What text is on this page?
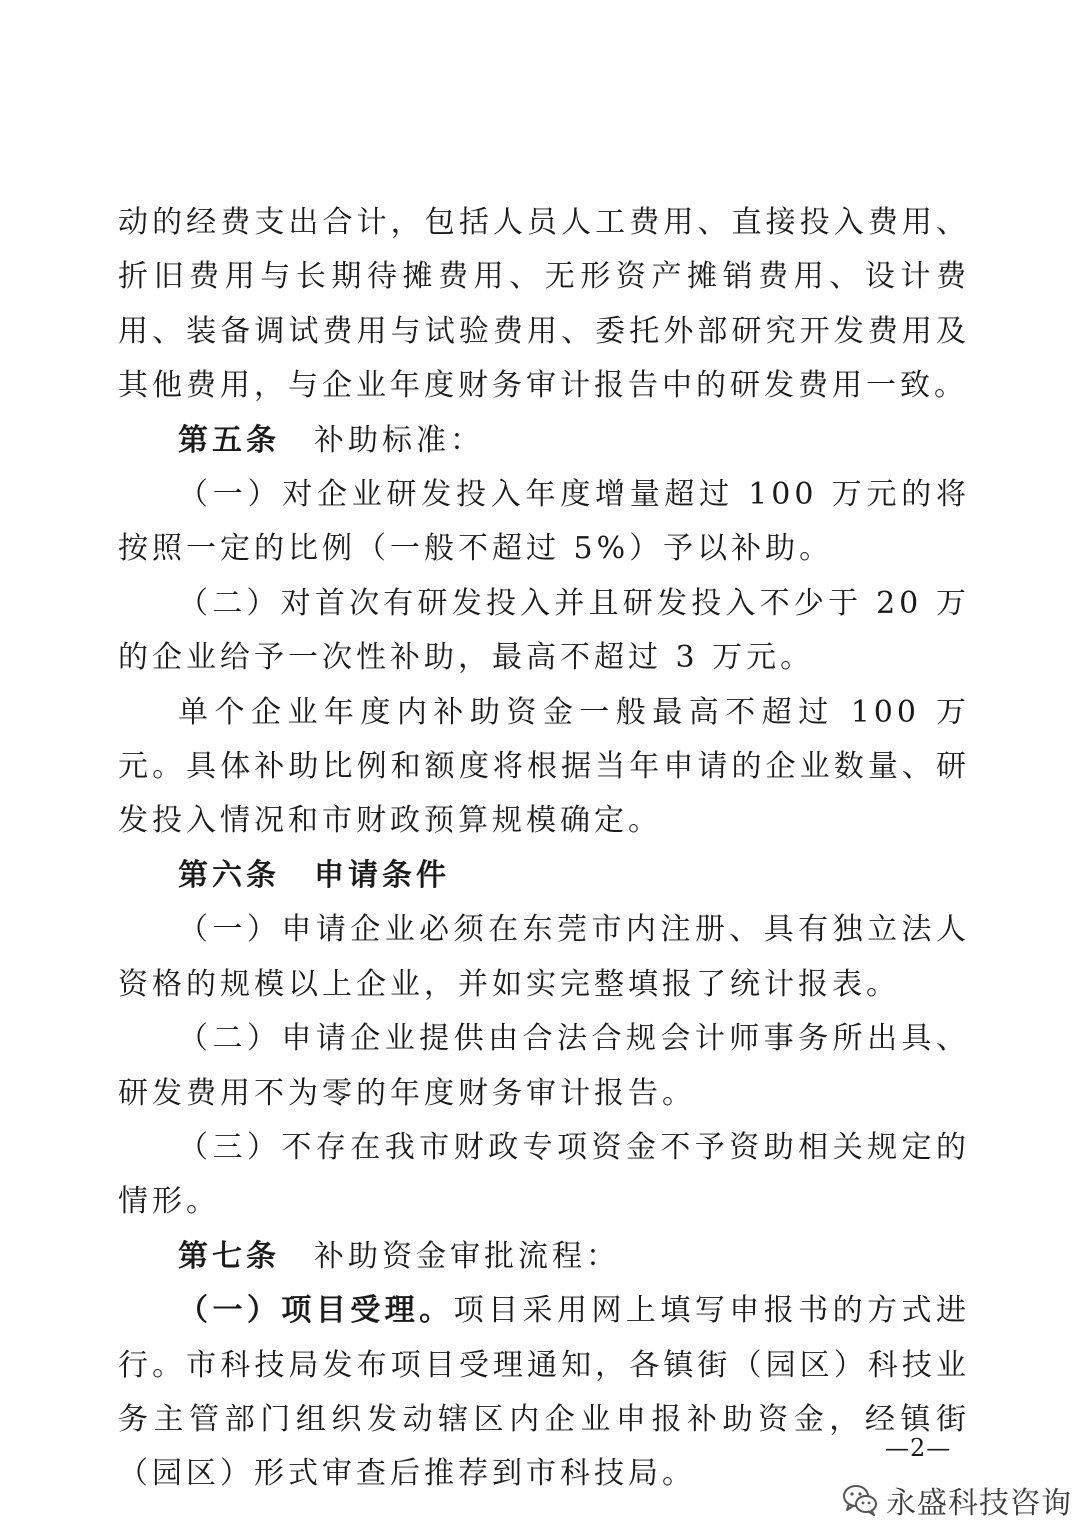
动的经费支出合计，包括人员人工费用、直接投入费用、折旧费用与长期待摊费用、无形资产摊销费用、设计费用、装备调试费用与试验费用、委托外部研究开发费用及其他费用，与企业年度财务审计报告中的研发费用一致。

第五条　补助标准：

（一）对企业研发投入年度增量超过 100 万元的将按照一定的比例（一般不超过 5%）予以补助。

（二）对首次有研发投入并且研发投入不少于 20 万的企业给予一次性补助，最高不超过 3 万元。

单个企业年度内补助资金一般最高不超过 100 万元。具体补助比例和额度将根据当年申请的企业数量、研发投入情况和市财政预算规模确定。

第六条　申请条件

（一）申请企业必须在东莞市内注册、具有独立法人资格的规模以上企业，并如实完整填报了统计报表。

（二）申请企业提供由合法合规会计师事务所出具、研发费用不为零的年度财务审计报告。

（三）不存在我市财政专项资金不予资助相关规定的情形。

第七条　补助资金审批流程：

（一）项目受理。项目采用网上填写申报书的方式进行。市科技局发布项目受理通知，各镇街（园区）科技业务主管部门组织发动辖区内企业申报补助资金，经镇街（园区）形式审查后推荐到市科技局。

—2—
永盛科技咨询
